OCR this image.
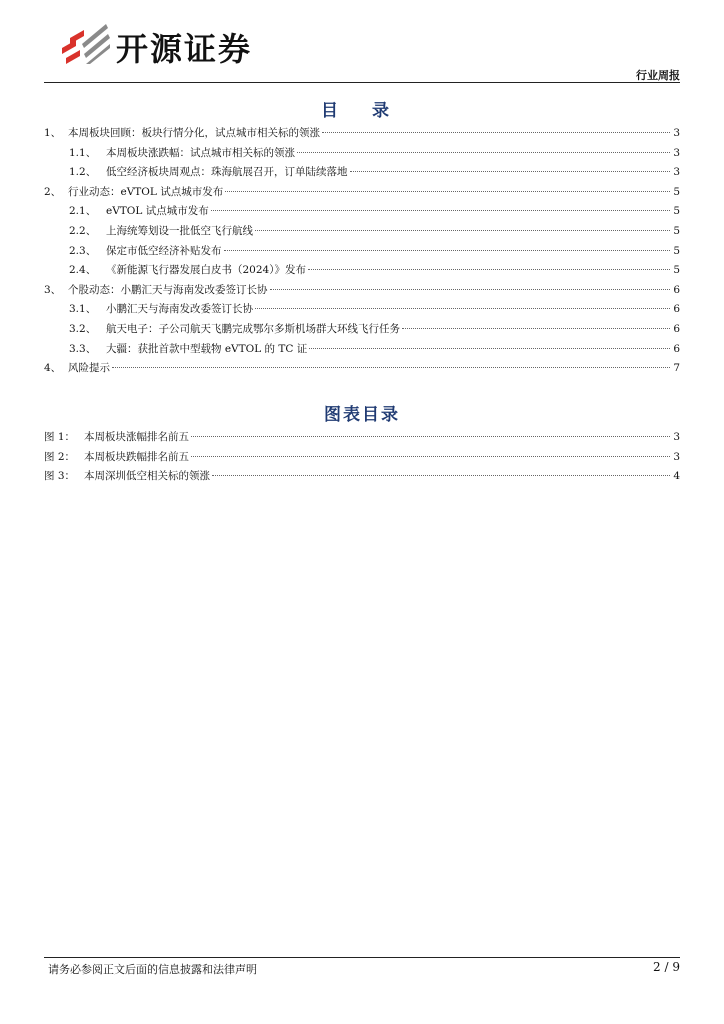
开源证券
行业周报
目 录
1、 本周板块回顾：板块行情分化，试点城市相关标的领涨	3
1.1、 本周板块涨跌幅：试点城市相关标的领涨	3
1.2、 低空经济板块周观点：珠海航展召开，订单陆续落地	3
2、 行业动态：eVTOL 试点城市发布	5
2.1、 eVTOL 试点城市发布	5
2.2、 上海统筹划设一批低空飞行航线	5
2.3、 保定市低空经济补贴发布	5
2.4、 《新能源飞行器发展白皮书（2024）》发布	5
3、 个股动态：小鹏汇天与海南发改委签订长协	6
3.1、 小鹏汇天与海南发改委签订长协	6
3.2、 航天电子：子公司航天飞鹏完成鄂尔多斯机场群大环线飞行任务	6
3.3、 大疆：获批首款中型载物 eVTOL 的 TC 证	6
4、 风险提示	7
图表目录
图 1： 本周板块涨幅排名前五	3
图 2： 本周板块跌幅排名前五	3
图 3： 本周深圳低空相关标的领涨	4
请务必参阅正文后面的信息披露和法律声明	2 / 9
